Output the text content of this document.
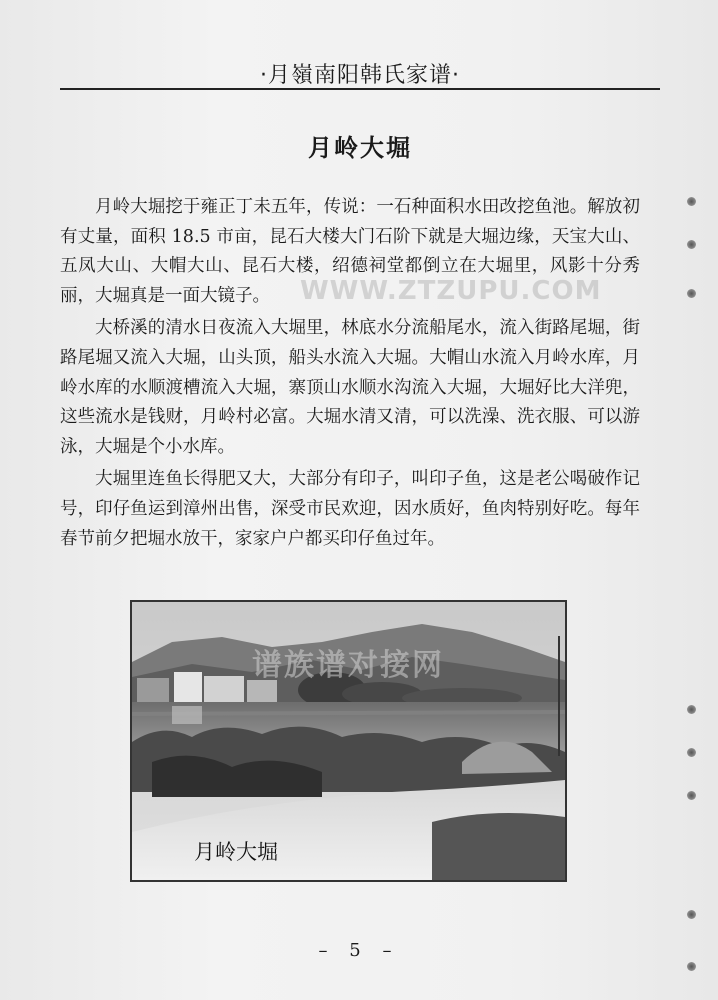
·月嶺南阳韩氏家谱·
月岭大堀

月岭大堀挖于雍正丁未五年，传说：一石种面积水田改挖鱼池。解放初有丈量，面积 18.5 市亩，昆石大楼大门石阶下就是大堀边缘，天宝大山、五凤大山、大帽大山、昆石大楼，绍德祠堂都倒立在大堀里，风影十分秀丽，大堀真是一面大镜子。

大桥溪的清水日夜流入大堀里，林底水分流船尾水，流入街路尾堀，街路尾堀又流入大堀，山头顶，船头水流入大堀。大帽山水流入月岭水库，月岭水库的水顺渡槽流入大堀，寨顶山水顺水沟流入大堀，大堀好比大洋兜，这些流水是钱财，月岭村必富。大堀水清又清，可以洗澡、洗衣服、可以游泳，大堀是个小水库。

大堀里连鱼长得肥又大，大部分有印子，叫印子鱼，这是老公喝破作记号，印仔鱼运到漳州出售，深受市民欢迎，因水质好，鱼肉特别好吃。每年春节前夕把堀水放干，家家户户都买印仔鱼过年。

WWW.ZTZUPU.COM
谱族谱对接网
月岭大堀
– 5 –
